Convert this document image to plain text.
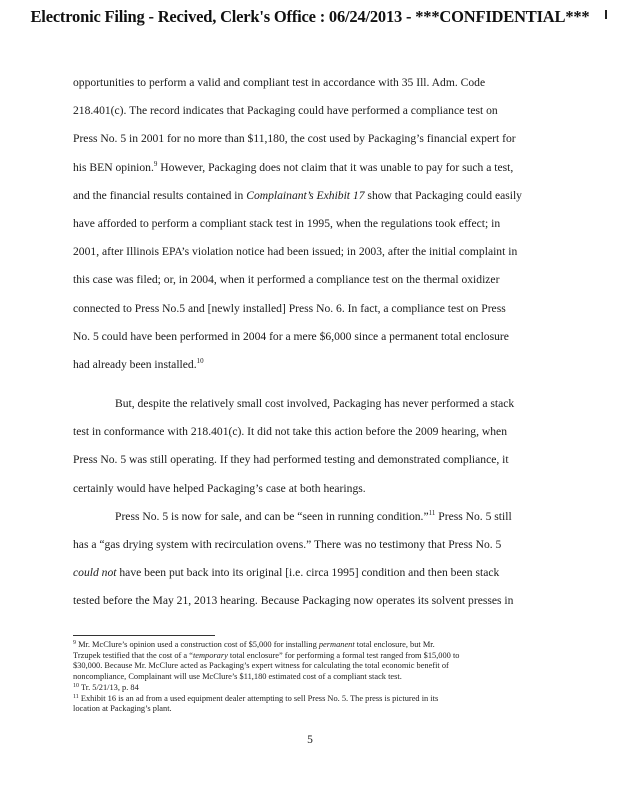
Electronic Filing - Recived, Clerk's Office : 06/24/2013 - ***CONFIDENTIAL***
opportunities to perform a valid and compliant test in accordance with 35 Ill. Adm. Code
218.401(c). The record indicates that Packaging could have performed a compliance test on
Press No. 5 in 2001 for no more than $11,180, the cost used by Packaging’s financial expert for
his BEN opinion.$^9$ However, Packaging does not claim that it was unable to pay for such a test,
and the financial results contained in Complainant’s Exhibit 17 show that Packaging could easily
have afforded to perform a compliant stack test in 1995, when the regulations took effect; in
2001, after Illinois EPA’s violation notice had been issued; in 2003, after the initial complaint in
this case was filed; or, in 2004, when it performed a compliance test on the thermal oxidizer
connected to Press No.5 and [newly installed] Press No. 6. In fact, a compliance test on Press
No. 5 could have been performed in 2004 for a mere $6,000 since a permanent total enclosure
had already been installed.$^{10}$
But, despite the relatively small cost involved, Packaging has never performed a stack
test in conformance with 218.401(c). It did not take this action before the 2009 hearing, when
Press No. 5 was still operating. If they had performed testing and demonstrated compliance, it
certainly would have helped Packaging’s case at both hearings.
Press No. 5 is now for sale, and can be “seen in running condition.”$^{11}$ Press No. 5 still
has a “gas drying system with recirculation ovens.” There was no testimony that Press No. 5
could not have been put back into its original [i.e. circa 1995] condition and then been stack
tested before the May 21, 2013 hearing. Because Packaging now operates its solvent presses in
$^9$ Mr. McClure’s opinion used a construction cost of $5,000 for installing permanent total enclosure, but Mr.
Trzupek testified that the cost of a “temporary total enclosure” for performing a formal test ranged from $15,000 to
$30,000. Because Mr. McClure acted as Packaging’s expert witness for calculating the total economic benefit of
noncompliance, Complainant will use McClure’s $11,180 estimated cost of a compliant stack test.
$^{10}$ Tr. 5/21/13, p. 84
$^{11}$ Exhibit 16 is an ad from a used equipment dealer attempting to sell Press No. 5. The press is pictured in its
location at Packaging’s plant.
5
